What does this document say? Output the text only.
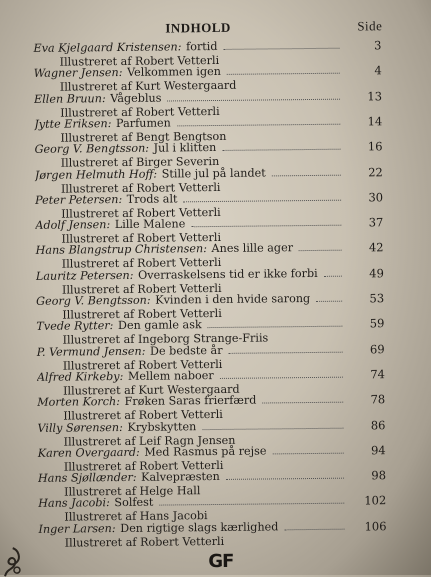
INDHOLD	Side
Eva Kjelgaard Kristensen: fortid	3
Illustreret af Robert Vetterli
Wagner Jensen: Velkommen igen	4
Illustreret af Kurt Westergaard
Ellen Bruun: Vågeblus	13
Illustreret af Robert Vetterli
Jytte Eriksen: Parfumen	14
Illustreret af Bengt Bengtson
Georg V. Bengtsson: Jul i klitten	16
Illustreret af Birger Severin
Jørgen Helmuth Hoff: Stille jul på landet	22
Illustreret af Robert Vetterli
Peter Petersen: Trods alt	30
Illustreret af Robert Vetterli
Adolf Jensen: Lille Malene	37
Illustreret af Robert Vetterli
Hans Blangstrup Christensen: Anes lille ager	42
Illustreret af Robert Vetterli
Lauritz Petersen: Overraskelsens tid er ikke forbi	49
Illustreret af Robert Vetterli
Georg V. Bengtsson: Kvinden i den hvide sarong	53
Illustreret af Robert Vetterli
Tvede Rytter: Den gamle ask	59
Illustreret af Ingeborg Strange-Friis
P. Vermund Jensen: De bedste år	69
Illustreret af Robert Vetterli
Alfred Kirkeby: Mellem naboer	74
Illustreret af Kurt Westergaard
Morten Korch: Frøken Saras frierfærd	78
Illustreret af Robert Vetterli
Villy Sørensen: Krybskytten	86
Illustreret af Leif Ragn Jensen
Karen Overgaard: Med Rasmus på rejse	94
Illustreret af Robert Vetterli
Hans Sjøllænder: Kalvepræsten	98
Illustreret af Helge Hall
Hans Jacobi: Solfest	102
Illustreret af Hans Jacobi
Inger Larsen: Den rigtige slags kærlighed	106
Illustreret af Robert Vetterli
GF
